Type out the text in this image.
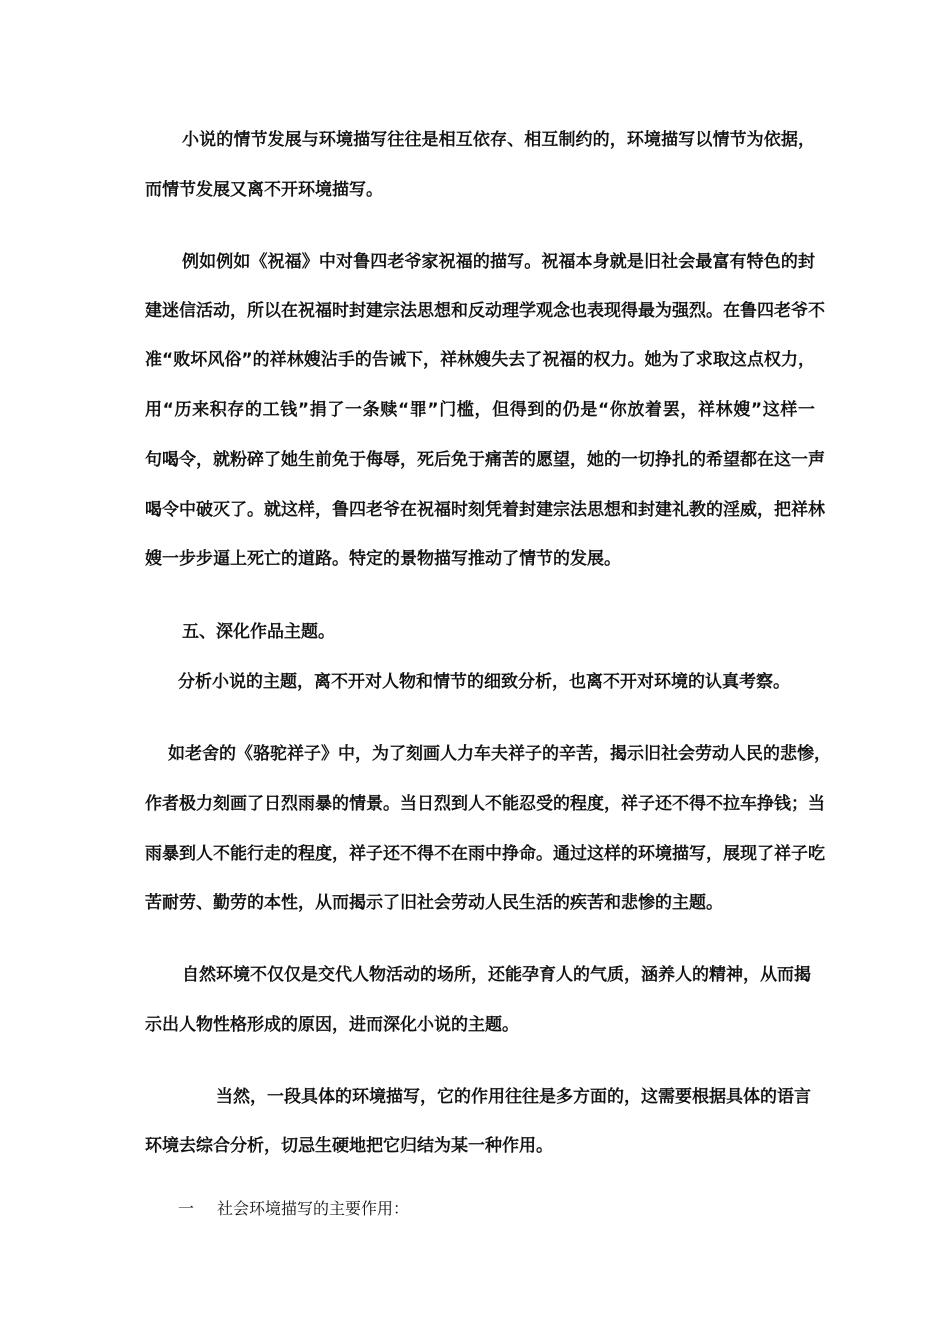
小说的情节发展与环境描写往往是相互依存、相互制约的，环境描写以情节为依据，
而情节发展又离不开环境描写。
例如例如《祝福》中对鲁四老爷家祝福的描写。祝福本身就是旧社会最富有特色的封
建迷信活动，所以在祝福时封建宗法思想和反动理学观念也表现得最为强烈。在鲁四老爷不
准“败坏风俗”的祥林嫂沾手的告诫下，祥林嫂失去了祝福的权力。她为了求取这点权力，
用“历来积存的工钱”捐了一条赎“罪”门槛，但得到的仍是“你放着罢，祥林嫂”这样一
句喝令，就粉碎了她生前免于侮辱，死后免于痛苦的愿望，她的一切挣扎的希望都在这一声
喝令中破灭了。就这样，鲁四老爷在祝福时刻凭着封建宗法思想和封建礼教的淫威，把祥林
嫂一步步逼上死亡的道路。特定的景物描写推动了情节的发展。
五、深化作品主题。
分析小说的主题，离不开对人物和情节的细致分析，也离不开对环境的认真考察。
如老舍的《骆驼祥子》中，为了刻画人力车夫祥子的辛苦，揭示旧社会劳动人民的悲惨，
作者极力刻画了日烈雨暴的情景。当日烈到人不能忍受的程度，祥子还不得不拉车挣钱；当
雨暴到人不能行走的程度，祥子还不得不在雨中挣命。通过这样的环境描写，展现了祥子吃
苦耐劳、勤劳的本性，从而揭示了旧社会劳动人民生活的疾苦和悲惨的主题。
自然环境不仅仅是交代人物活动的场所，还能孕育人的气质，涵养人的精神，从而揭
示出人物性格形成的原因，进而深化小说的主题。
当然，一段具体的环境描写，它的作用往往是多方面的，这需要根据具体的语言
环境去综合分析，切忌生硬地把它归结为某一种作用。
一 社会环境描写的主要作用：
